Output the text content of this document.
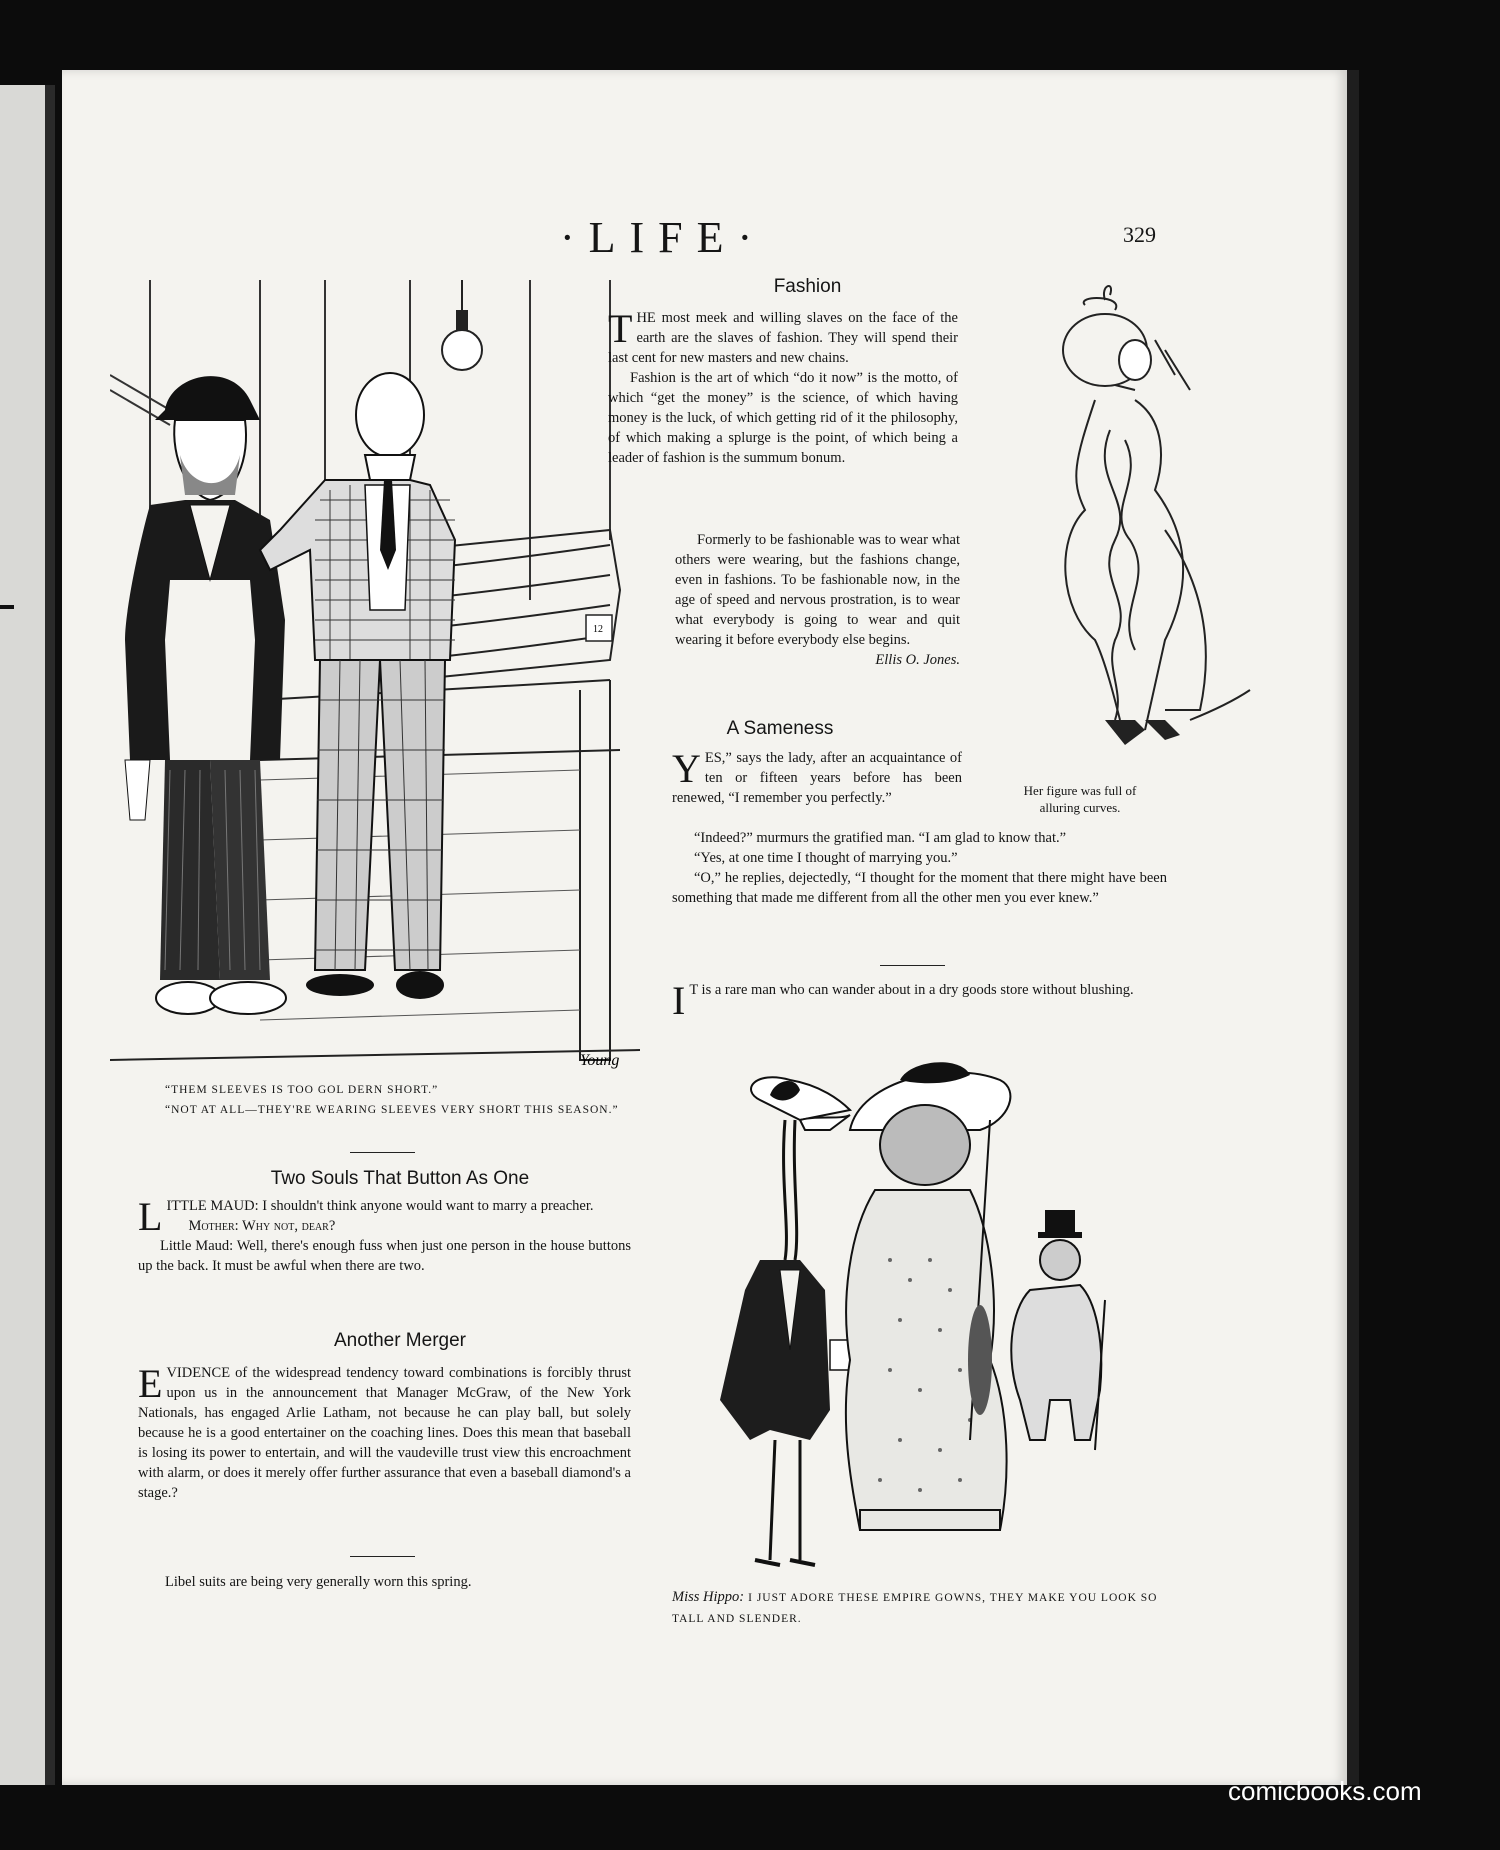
·LIFE·	329
12
Young
“THEM SLEEVES IS TOO GOL DERN SHORT.”
“NOT AT ALL—THEY'RE WEARING SLEEVES VERY SHORT THIS SEASON.”
Two Souls That Button As One

LITTLE MAUD: I shouldn't think anyone would want to marry a preacher.

Mother: Why not, dear?

Little Maud: Well, there's enough fuss when just one person in the house buttons up the back. It must be awful when there are two.

Another Merger

EVIDENCE of the widespread tendency toward combinations is forcibly thrust upon us in the announcement that Manager McGraw, of the New York Nationals, has engaged Arlie Latham, not because he can play ball, but solely because he is a good entertainer on the coaching lines. Does this mean that baseball is losing its power to entertain, and will the vaudeville trust view this encroachment with alarm, or does it merely offer further assurance that even a baseball diamond's a stage.?

Libel suits are being very generally worn this spring.
Fashion

THE most meek and willing slaves on the face of the earth are the slaves of fashion. They will spend their last cent for new masters and new chains.

Fashion is the art of which “do it now” is the motto, of which “get the money” is the science, of which having money is the luck, of which getting rid of it the philosophy, of which making a splurge is the point, of which being a leader of fashion is the summum bonum.

Formerly to be fashionable was to wear what others were wearing, but the fashions change, even in fashions. To be fashionable now, in the age of speed and nervous prostration, is to wear what everybody is going to wear and quit wearing it before everybody else begins.

Ellis O. Jones.

Her figure was full of
alluring curves.
A Sameness

YES,” says the lady, after an acquaintance of ten or fifteen years before has been renewed, “I remember you perfectly.”

“Indeed?” murmurs the gratified man. “I am glad to know that.”

“Yes, at one time I thought of marrying you.”

“O,” he replies, dejectedly, “I thought for the moment that there might have been something that made me different from all the other men you ever knew.”

I T is a rare man who can wander about in a dry goods store without blushing.

Miss Hippo: I JUST ADORE THESE EMPIRE GOWNS, THEY MAKE YOU LOOK SO TALL AND SLENDER.
comicbooks.com
